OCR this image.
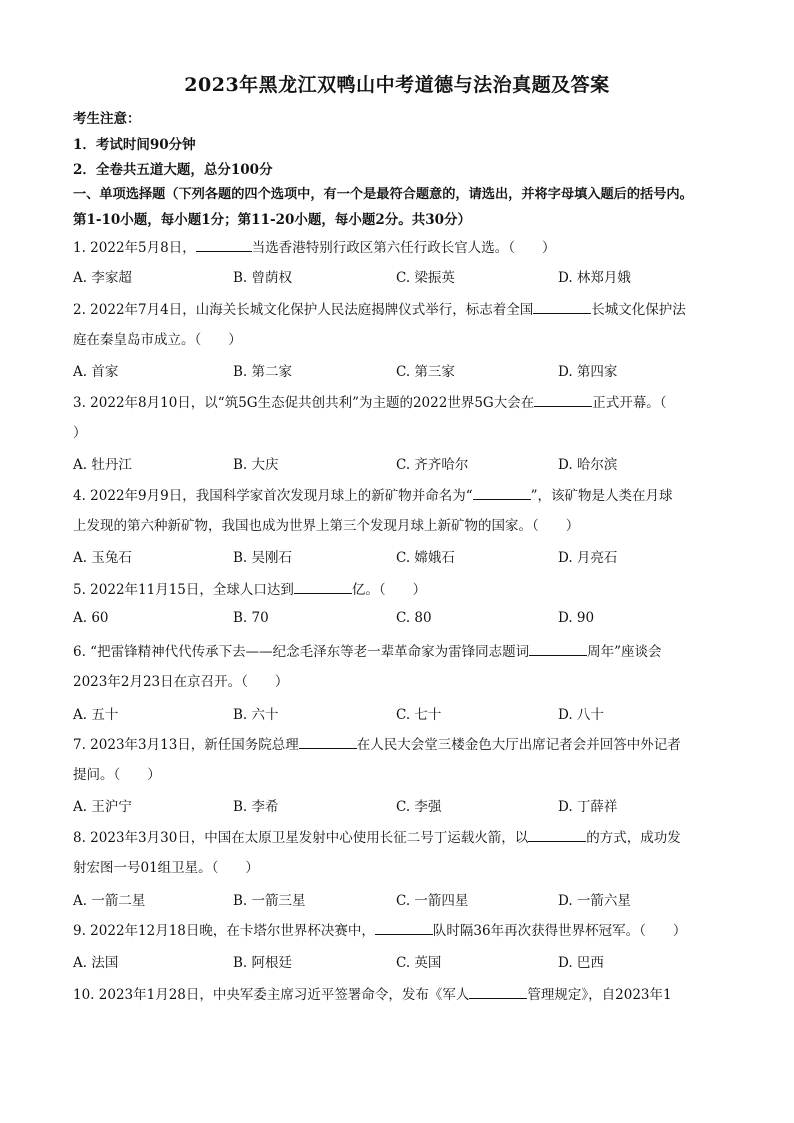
2023年黑龙江双鸭山中考道德与法治真题及答案
考生注意：
1．考试时间90分钟
2．全卷共五道大题，总分100分
一、单项选择题（下列各题的四个选项中，有一个是最符合题意的，请选出，并将字母填入题后的括号内。
第1-10小题，每小题1分；第11-20小题，每小题2分。共30分）
1. 2022年5月8日，	当选香港特别行政区第六任行政长官人选。（　　）
A. 李家超	B. 曾荫权	C. 梁振英	D. 林郑月娥
2. 2022年7月4日，山海关长城文化保护人民法庭揭牌仪式举行，标志着全国	长城文化保护法
庭在秦皇岛市成立。（　　）
A. 首家	B. 第二家	C. 第三家	D. 第四家
3. 2022年8月10日，以“筑5G生态促共创共利”为主题的2022世界5G大会在	正式开幕。（
）
A. 牡丹江	B. 大庆	C. 齐齐哈尔	D. 哈尔滨
4. 2022年9月9日，我国科学家首次发现月球上的新矿物并命名为“	”，该矿物是人类在月球
上发现的第六种新矿物，我国也成为世界上第三个发现月球上新矿物的国家。（　　）
A. 玉兔石	B. 吴刚石	C. 嫦娥石	D. 月亮石
5. 2022年11月15日，全球人口达到	亿。（　　）
A. 60	B. 70	C. 80	D. 90
6. “把雷锋精神代代传承下去——纪念毛泽东等老一辈革命家为雷锋同志题词	周年”座谈会
2023年2月23日在京召开。（　　）
A. 五十	B. 六十	C. 七十	D. 八十
7. 2023年3月13日，新任国务院总理	在人民大会堂三楼金色大厅出席记者会并回答中外记者
提问。（　　）
A. 王沪宁	B. 李希	C. 李强	D. 丁薛祥
8. 2023年3月30日，中国在太原卫星发射中心使用长征二号丁运载火箭，以	的方式，成功发
射宏图一号01组卫星。（　　）
A. 一箭二星	B. 一箭三星	C. 一箭四星	D. 一箭六星
9. 2022年12月18日晚，在卡塔尔世界杯决赛中，	队时隔36年再次获得世界杯冠军。（　　）
A. 法国	B. 阿根廷	C. 英国	D. 巴西
10. 2023年1月28日，中央军委主席习近平签署命令，发布《军人	管理规定》，自2023年1
